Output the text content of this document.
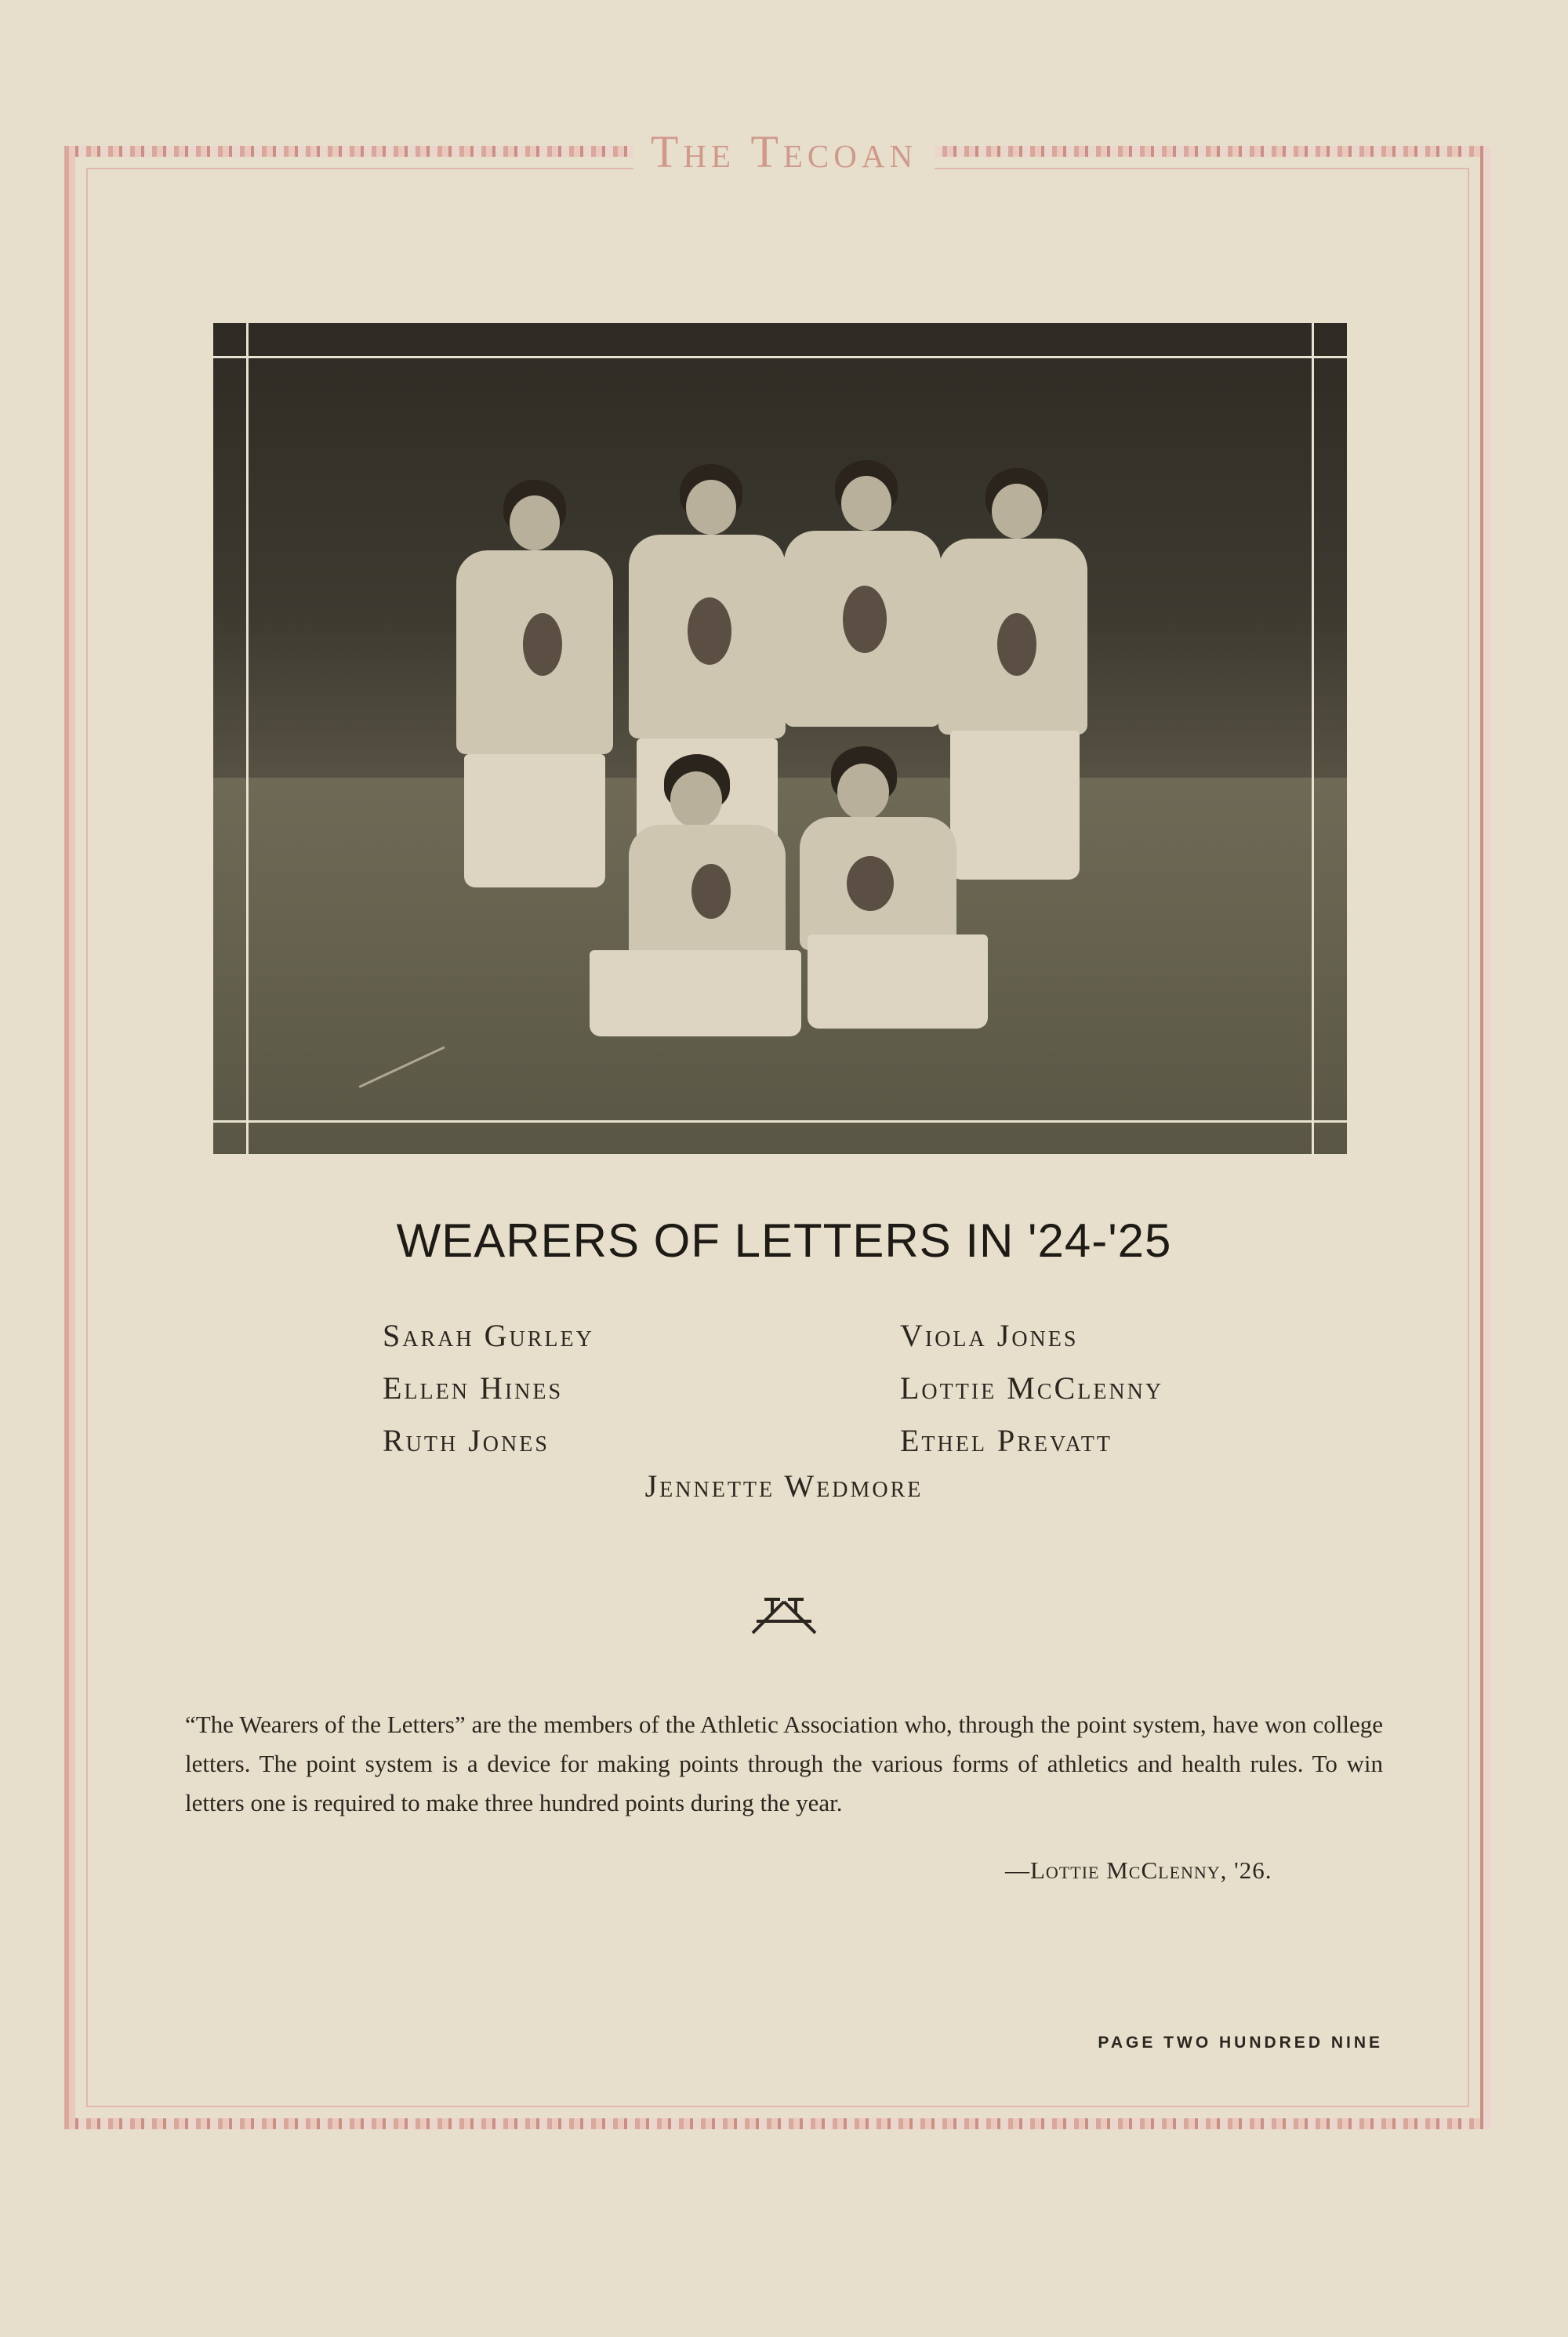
The Tecoan
WEARERS OF LETTERS IN '24-'25
Sarah Gurley
Ellen Hines
Ruth Jones
Viola Jones
Lottie McClenny
Ethel Prevatt
Jennette Wedmore
“The Wearers of the Letters” are the members of the Athletic Association who, through the point system, have won college letters. The point system is a device for making points through the various forms of athletics and health rules. To win letters one is required to make three hundred points during the year.
—Lottie McClenny, '26.
PAGE TWO HUNDRED NINE
